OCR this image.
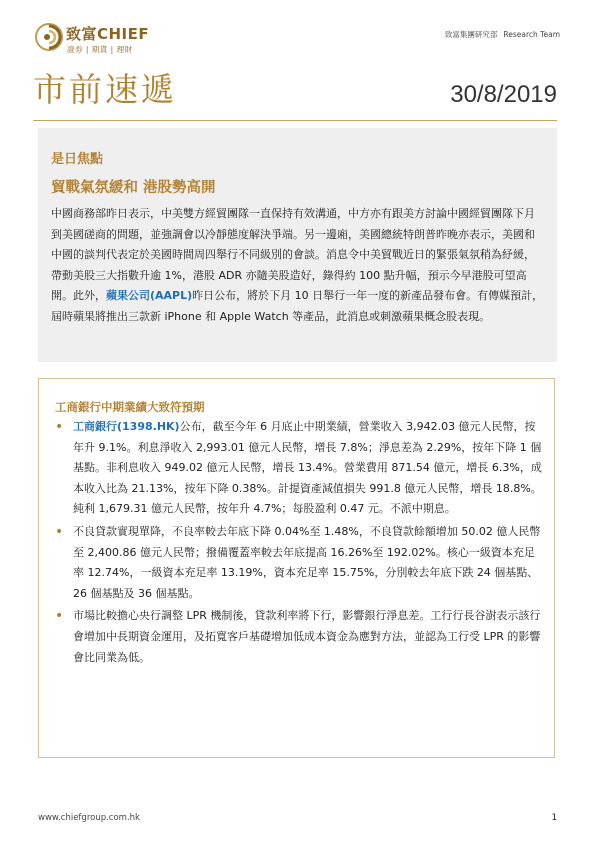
致富CHIEF
證券 | 期貨 | 理財
致富集團研究部 Research Team
市前速遞	30/8/2019
是日焦點
貿戰氣氛緩和 港股勢高開
中國商務部昨日表示，中美雙方經貿團隊一直保持有效溝通，中方亦有跟美方討論中國經貿團隊下月到美國磋商的問題，並強調會以冷靜態度解決爭端。另一邊廂，美國總統特朗普昨晚亦表示，美國和中國的談判代表定於美國時間周四舉行不同級別的會談。消息令中美貿戰近日的緊張氣氛稍為紓緩，帶動美股三大指數升逾 1%，港股 ADR 亦隨美股造好，錄得約 100 點升幅，預示今早港股可望高開。此外，蘋果公司(AAPL)昨日公布，將於下月 10 日舉行一年一度的新產品發布會。有傳媒預計，屆時蘋果將推出三款新 iPhone 和 Apple Watch 等產品，此消息或刺激蘋果概念股表現。
工商銀行中期業績大致符預期
• 工商銀行(1398.HK)公布，截至今年 6 月底止中期業績，營業收入 3,942.03 億元人民幣，按年升 9.1%。利息淨收入 2,993.01 億元人民幣，增長 7.8%；淨息差為 2.29%，按年下降 1 個基點。非利息收入 949.02 億元人民幣，增長 13.4%。營業費用 871.54 億元，增長 6.3%，成本收入比為 21.13%，按年下降 0.38%。計提資產減值損失 991.8 億元人民幣，增長 18.8%。純利 1,679.31 億元人民幣，按年升 4.7%；每股盈利 0.47 元。不派中期息。
• 不良貸款實現單降，不良率較去年底下降 0.04%至 1.48%，不良貸款餘額增加 50.02 億人民幣至 2,400.86 億元人民幣；撥備覆蓋率較去年底提高 16.26%至 192.02%。核心一級資本充足率 12.74%，一級資本充足率 13.19%，資本充足率 15.75%，分別較去年底下跌 24 個基點、26 個基點及 36 個基點。
• 市場比較擔心央行調整 LPR 機制後，貸款利率將下行，影響銀行淨息差。工行行長谷澍表示該行會增加中長期資金運用，及拓寬客戶基礎增加低成本資金為應對方法，並認為工行受 LPR 的影響會比同業為低。
www.chiefgroup.com.hk	1
